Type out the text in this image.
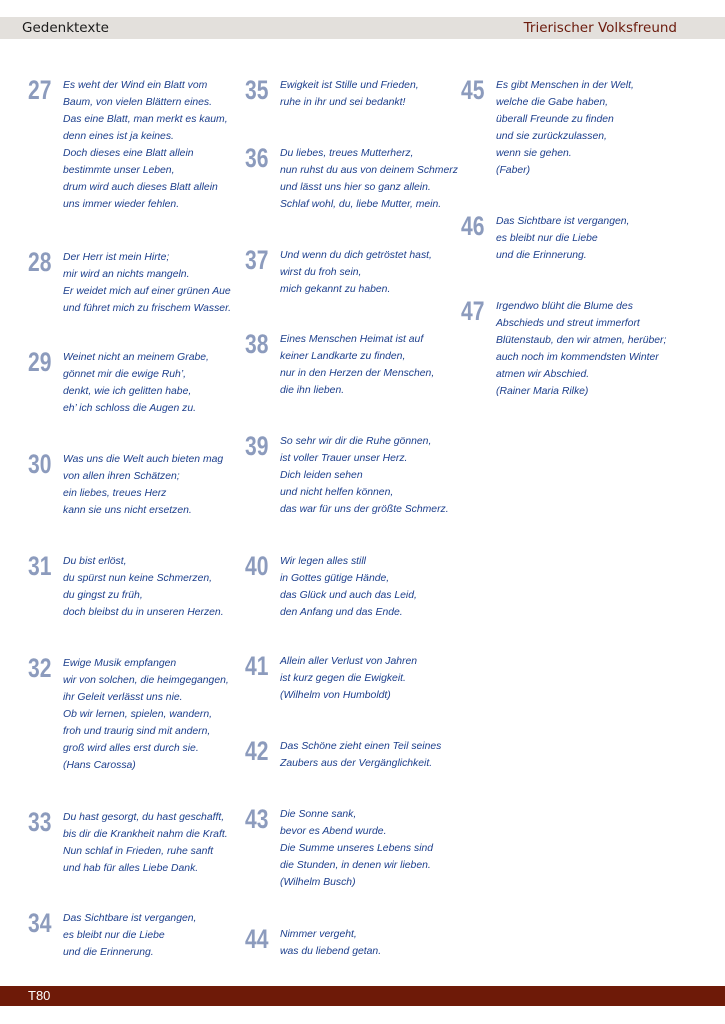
Gedenktexte	Trierischer Volksfreund
27 Es weht der Wind ein Blatt vom
Baum, von vielen Blättern eines.
Das eine Blatt, man merkt es kaum,
denn eines ist ja keines.
Doch dieses eine Blatt allein
bestimmte unser Leben,
drum wird auch dieses Blatt allein
uns immer wieder fehlen.
28 Der Herr ist mein Hirte;
mir wird an nichts mangeln.
Er weidet mich auf einer grünen Aue
und führet mich zu frischem Wasser.
29 Weinet nicht an meinem Grabe,
gönnet mir die ewige Ruh’,
denkt, wie ich gelitten habe,
eh’ ich schloss die Augen zu.
30 Was uns die Welt auch bieten mag
von allen ihren Schätzen;
ein liebes, treues Herz
kann sie uns nicht ersetzen.
31 Du bist erlöst,
du spürst nun keine Schmerzen,
du gingst zu früh,
doch bleibst du in unseren Herzen.
32 Ewige Musik empfangen
wir von solchen, die heimgegangen,
ihr Geleit verlässt uns nie.
Ob wir lernen, spielen, wandern,
froh und traurig sind mit andern,
groß wird alles erst durch sie.
(Hans Carossa)
33 Du hast gesorgt, du hast geschafft,
bis dir die Krankheit nahm die Kraft.
Nun schlaf in Frieden, ruhe sanft
und hab für alles Liebe Dank.
34 Das Sichtbare ist vergangen,
es bleibt nur die Liebe
und die Erinnerung.
35 Ewigkeit ist Stille und Frieden,
ruhe in ihr und sei bedankt!
36 Du liebes, treues Mutterherz,
nun ruhst du aus von deinem Schmerz
und lässt uns hier so ganz allein.
Schlaf wohl, du, liebe Mutter, mein.
37 Und wenn du dich getröstet hast,
wirst du froh sein,
mich gekannt zu haben.
38 Eines Menschen Heimat ist auf
keiner Landkarte zu finden,
nur in den Herzen der Menschen,
die ihn lieben.
39 So sehr wir dir die Ruhe gönnen,
ist voller Trauer unser Herz.
Dich leiden sehen
und nicht helfen können,
das war für uns der größte Schmerz.
40 Wir legen alles still
in Gottes gütige Hände,
das Glück und auch das Leid,
den Anfang und das Ende.
41 Allein aller Verlust von Jahren
ist kurz gegen die Ewigkeit.
(Wilhelm von Humboldt)
42 Das Schöne zieht einen Teil seines
Zaubers aus der Vergänglichkeit.
43 Die Sonne sank,
bevor es Abend wurde.
Die Summe unseres Lebens sind
die Stunden, in denen wir lieben.
(Wilhelm Busch)
44 Nimmer vergeht,
was du liebend getan.
45 Es gibt Menschen in der Welt,
welche die Gabe haben,
überall Freunde zu finden
und sie zurückzulassen,
wenn sie gehen.
(Faber)
46 Das Sichtbare ist vergangen,
es bleibt nur die Liebe
und die Erinnerung.
47 Irgendwo blüht die Blume des
Abschieds und streut immerfort
Blütenstaub, den wir atmen, herüber;
auch noch im kommendsten Winter
atmen wir Abschied.
(Rainer Maria Rilke)
T80
